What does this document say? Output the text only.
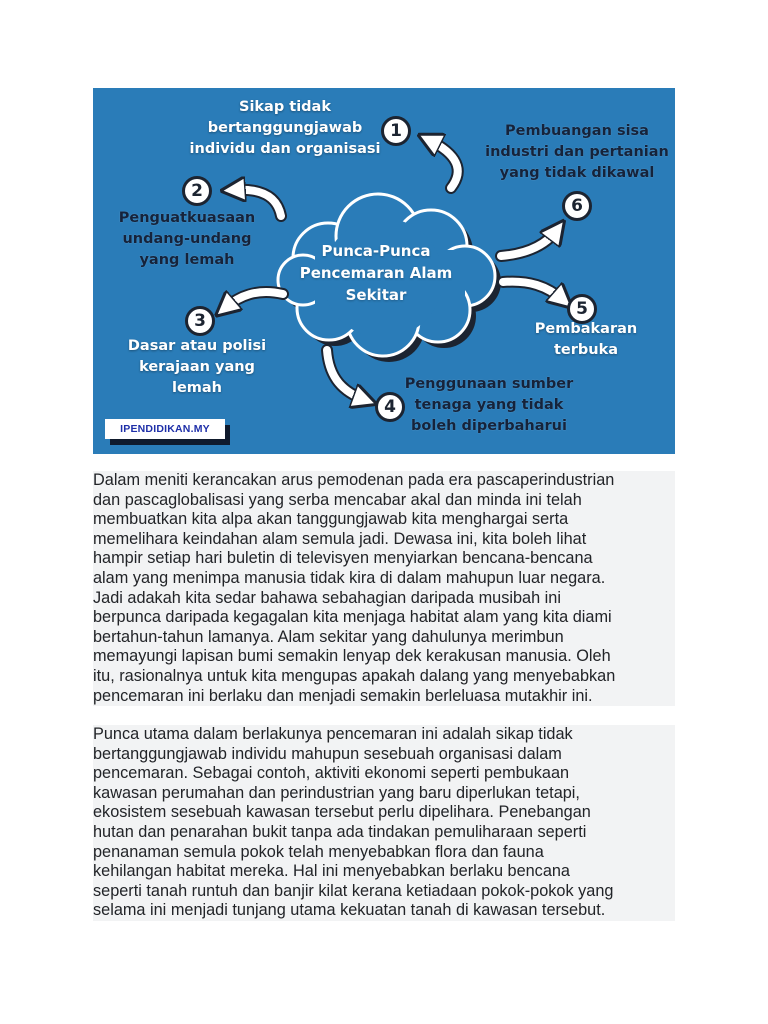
Punca-Punca
Pencemaran Alam
Sekitar
Sikap tidak
bertanggungjawab
individu dan organisasi
1
2
Penguatkuasaan
undang-undang
yang lemah
3
Dasar atau polisi
kerajaan yang
lemah
4
Penggunaan sumber
tenaga yang tidak
boleh diperbaharui
5
Pembakaran
terbuka
Pembuangan sisa
industri dan pertanian
yang tidak dikawal
6
IPENDIDIKAN.MY

Dalam meniti kerancakan arus pemodenan pada era pascaperindustrian
dan pascaglobalisasi yang serba mencabar akal dan minda ini telah
membuatkan kita alpa akan tanggungjawab kita menghargai serta
memelihara keindahan alam semula jadi. Dewasa ini, kita boleh lihat
hampir setiap hari buletin di televisyen menyiarkan bencana-bencana
alam yang menimpa manusia tidak kira di dalam mahupun luar negara.
Jadi adakah kita sedar bahawa sebahagian daripada musibah ini
berpunca daripada kegagalan kita menjaga habitat alam yang kita diami
bertahun-tahun lamanya. Alam sekitar yang dahulunya merimbun
memayungi lapisan bumi semakin lenyap dek kerakusan manusia. Oleh
itu, rasionalnya untuk kita mengupas apakah dalang yang menyebabkan
pencemaran ini berlaku dan menjadi semakin berleluasa mutakhir ini.

Punca utama dalam berlakunya pencemaran ini adalah sikap tidak
bertanggungjawab individu mahupun sesebuah organisasi dalam
pencemaran. Sebagai contoh, aktiviti ekonomi seperti pembukaan
kawasan perumahan dan perindustrian yang baru diperlukan tetapi,
ekosistem sesebuah kawasan tersebut perlu dipelihara. Penebangan
hutan dan penarahan bukit tanpa ada tindakan pemuliharaan seperti
penanaman semula pokok telah menyebabkan flora dan fauna
kehilangan habitat mereka. Hal ini menyebabkan berlaku bencana
seperti tanah runtuh dan banjir kilat kerana ketiadaan pokok-pokok yang
selama ini menjadi tunjang utama kekuatan tanah di kawasan tersebut.
